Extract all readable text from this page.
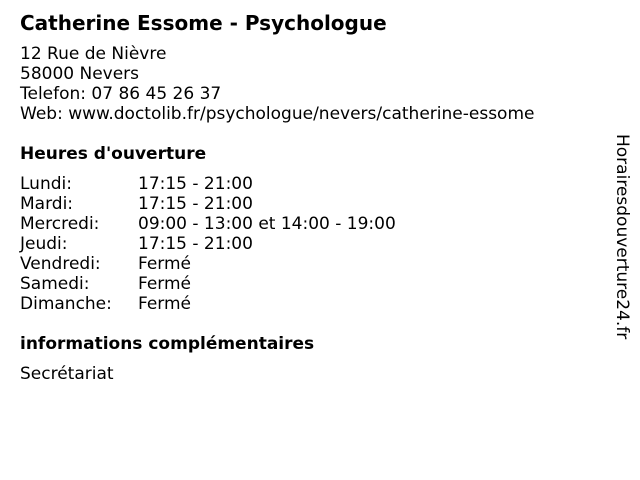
Catherine Essome - Psychologue
12 Rue de Nièvre
58000 Nevers
Telefon: 07 86 45 26 37
Web: www.doctolib.fr/psychologue/nevers/catherine-essome
Heures d'ouverture
Lundi:	17:15 - 21:00
Mardi:	17:15 - 21:00
Mercredi:	09:00 - 13:00 et 14:00 - 19:00
Jeudi:	17:15 - 21:00
Vendredi:	Fermé
Samedi:	Fermé
Dimanche:	Fermé
informations complémentaires
Secrétariat
Horairesdouverture24.fr
